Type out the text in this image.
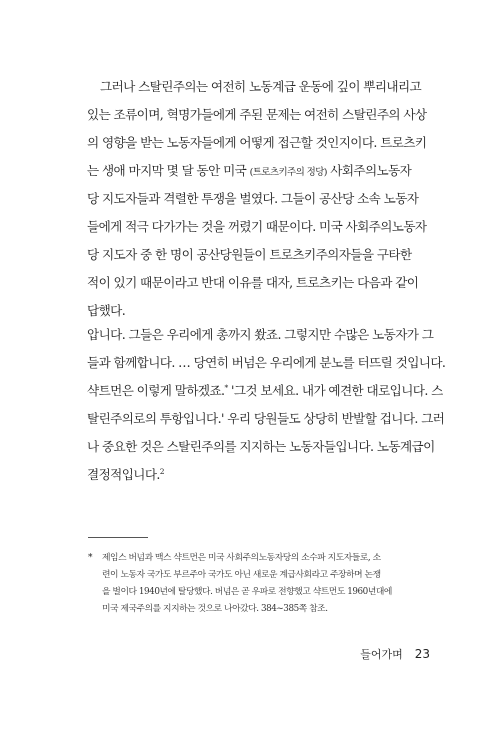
그러나 스탈린주의는 여전히 노동계급 운동에 깊이 뿌리내리고
있는 조류이며, 혁명가들에게 주된 문제는 여전히 스탈린주의 사상
의 영향을 받는 노동자들에게 어떻게 접근할 것인지이다. 트로츠키
는 생애 마지막 몇 달 동안 미국 (트로츠키주의 정당) 사회주의노동자
당 지도자들과 격렬한 투쟁을 벌였다. 그들이 공산당 소속 노동자
들에게 적극 다가가는 것을 꺼렸기 때문이다. 미국 사회주의노동자
당 지도자 중 한 명이 공산당원들이 트로츠키주의자들을 구타한
적이 있기 때문이라고 반대 이유를 대자, 트로츠키는 다음과 같이
답했다.
압니다. 그들은 우리에게 총까지 쐈죠. 그렇지만 수많은 노동자가 그
들과 함께합니다. … 당연히 버넘은 우리에게 분노를 터뜨릴 것입니다.
샥트먼은 이렇게 말하겠죠.* '그것 보세요. 내가 예견한 대로입니다. 스
탈린주의로의 투항입니다.' 우리 당원들도 상당히 반발할 겁니다. 그러
나 중요한 것은 스탈린주의를 지지하는 노동자들입니다. 노동계급이
결정적입니다.$^2$
*	제임스 버넘과 맥스 샥트먼은 미국 사회주의노동자당의 소수파 지도자들로, 소
련이 노동자 국가도 부르주아 국가도 아닌 새로운 계급사회라고 주장하며 논쟁
을 벌이다 1940년에 탈당했다. 버넘은 곧 우파로 전향했고 샥트먼도 1960년대에
미국 제국주의를 지지하는 것으로 나아갔다. 384~385쪽 참조.
들어가며 23
